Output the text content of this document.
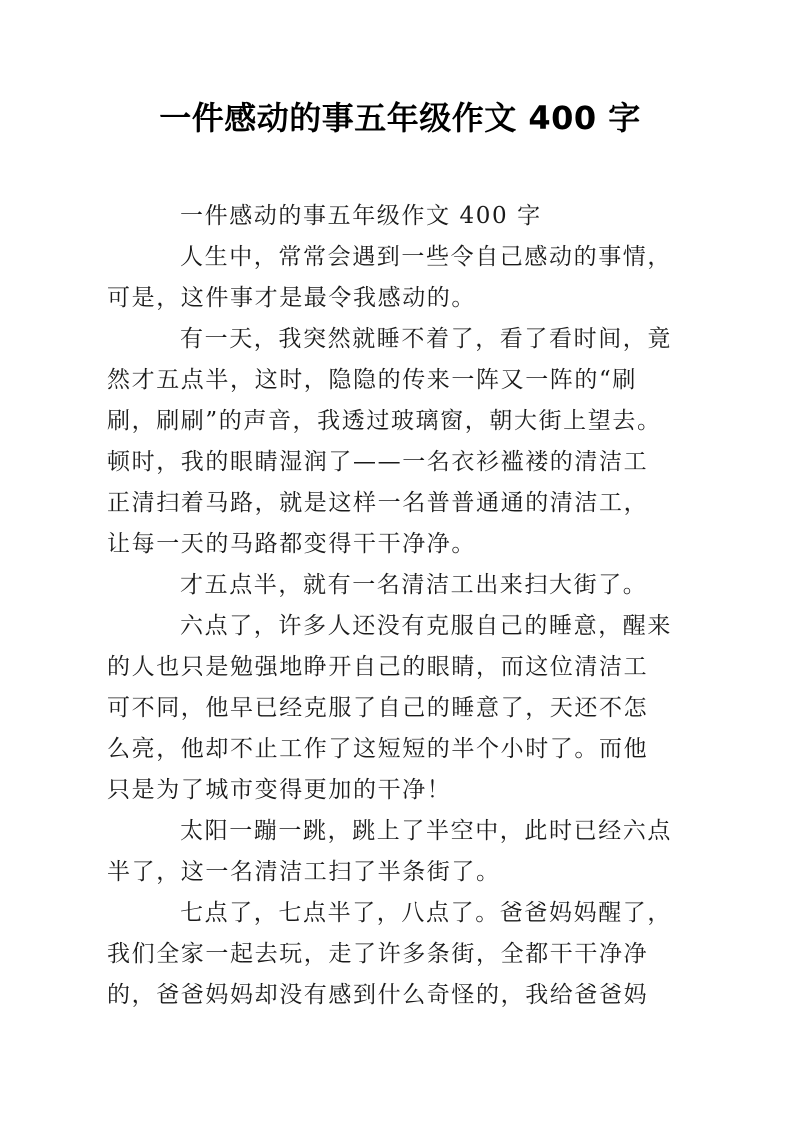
一件感动的事五年级作文 400 字
一件感动的事五年级作文 400 字
人生中，常常会遇到一些令自己感动的事情，
可是，这件事才是最令我感动的。
有一天，我突然就睡不着了，看了看时间，竟
然才五点半，这时，隐隐的传来一阵又一阵的“刷
刷，刷刷”的声音，我透过玻璃窗，朝大街上望去。
顿时，我的眼睛湿润了——一名衣衫褴褛的清洁工
正清扫着马路，就是这样一名普普通通的清洁工，
让每一天的马路都变得干干净净。
才五点半，就有一名清洁工出来扫大街了。
六点了，许多人还没有克服自己的睡意，醒来
的人也只是勉强地睁开自己的眼睛，而这位清洁工
可不同，他早已经克服了自己的睡意了，天还不怎
么亮，他却不止工作了这短短的半个小时了。而他
只是为了城市变得更加的干净！
太阳一蹦一跳，跳上了半空中，此时已经六点
半了，这一名清洁工扫了半条街了。
七点了，七点半了，八点了。爸爸妈妈醒了，
我们全家一起去玩，走了许多条街，全都干干净净
的，爸爸妈妈却没有感到什么奇怪的，我给爸爸妈
